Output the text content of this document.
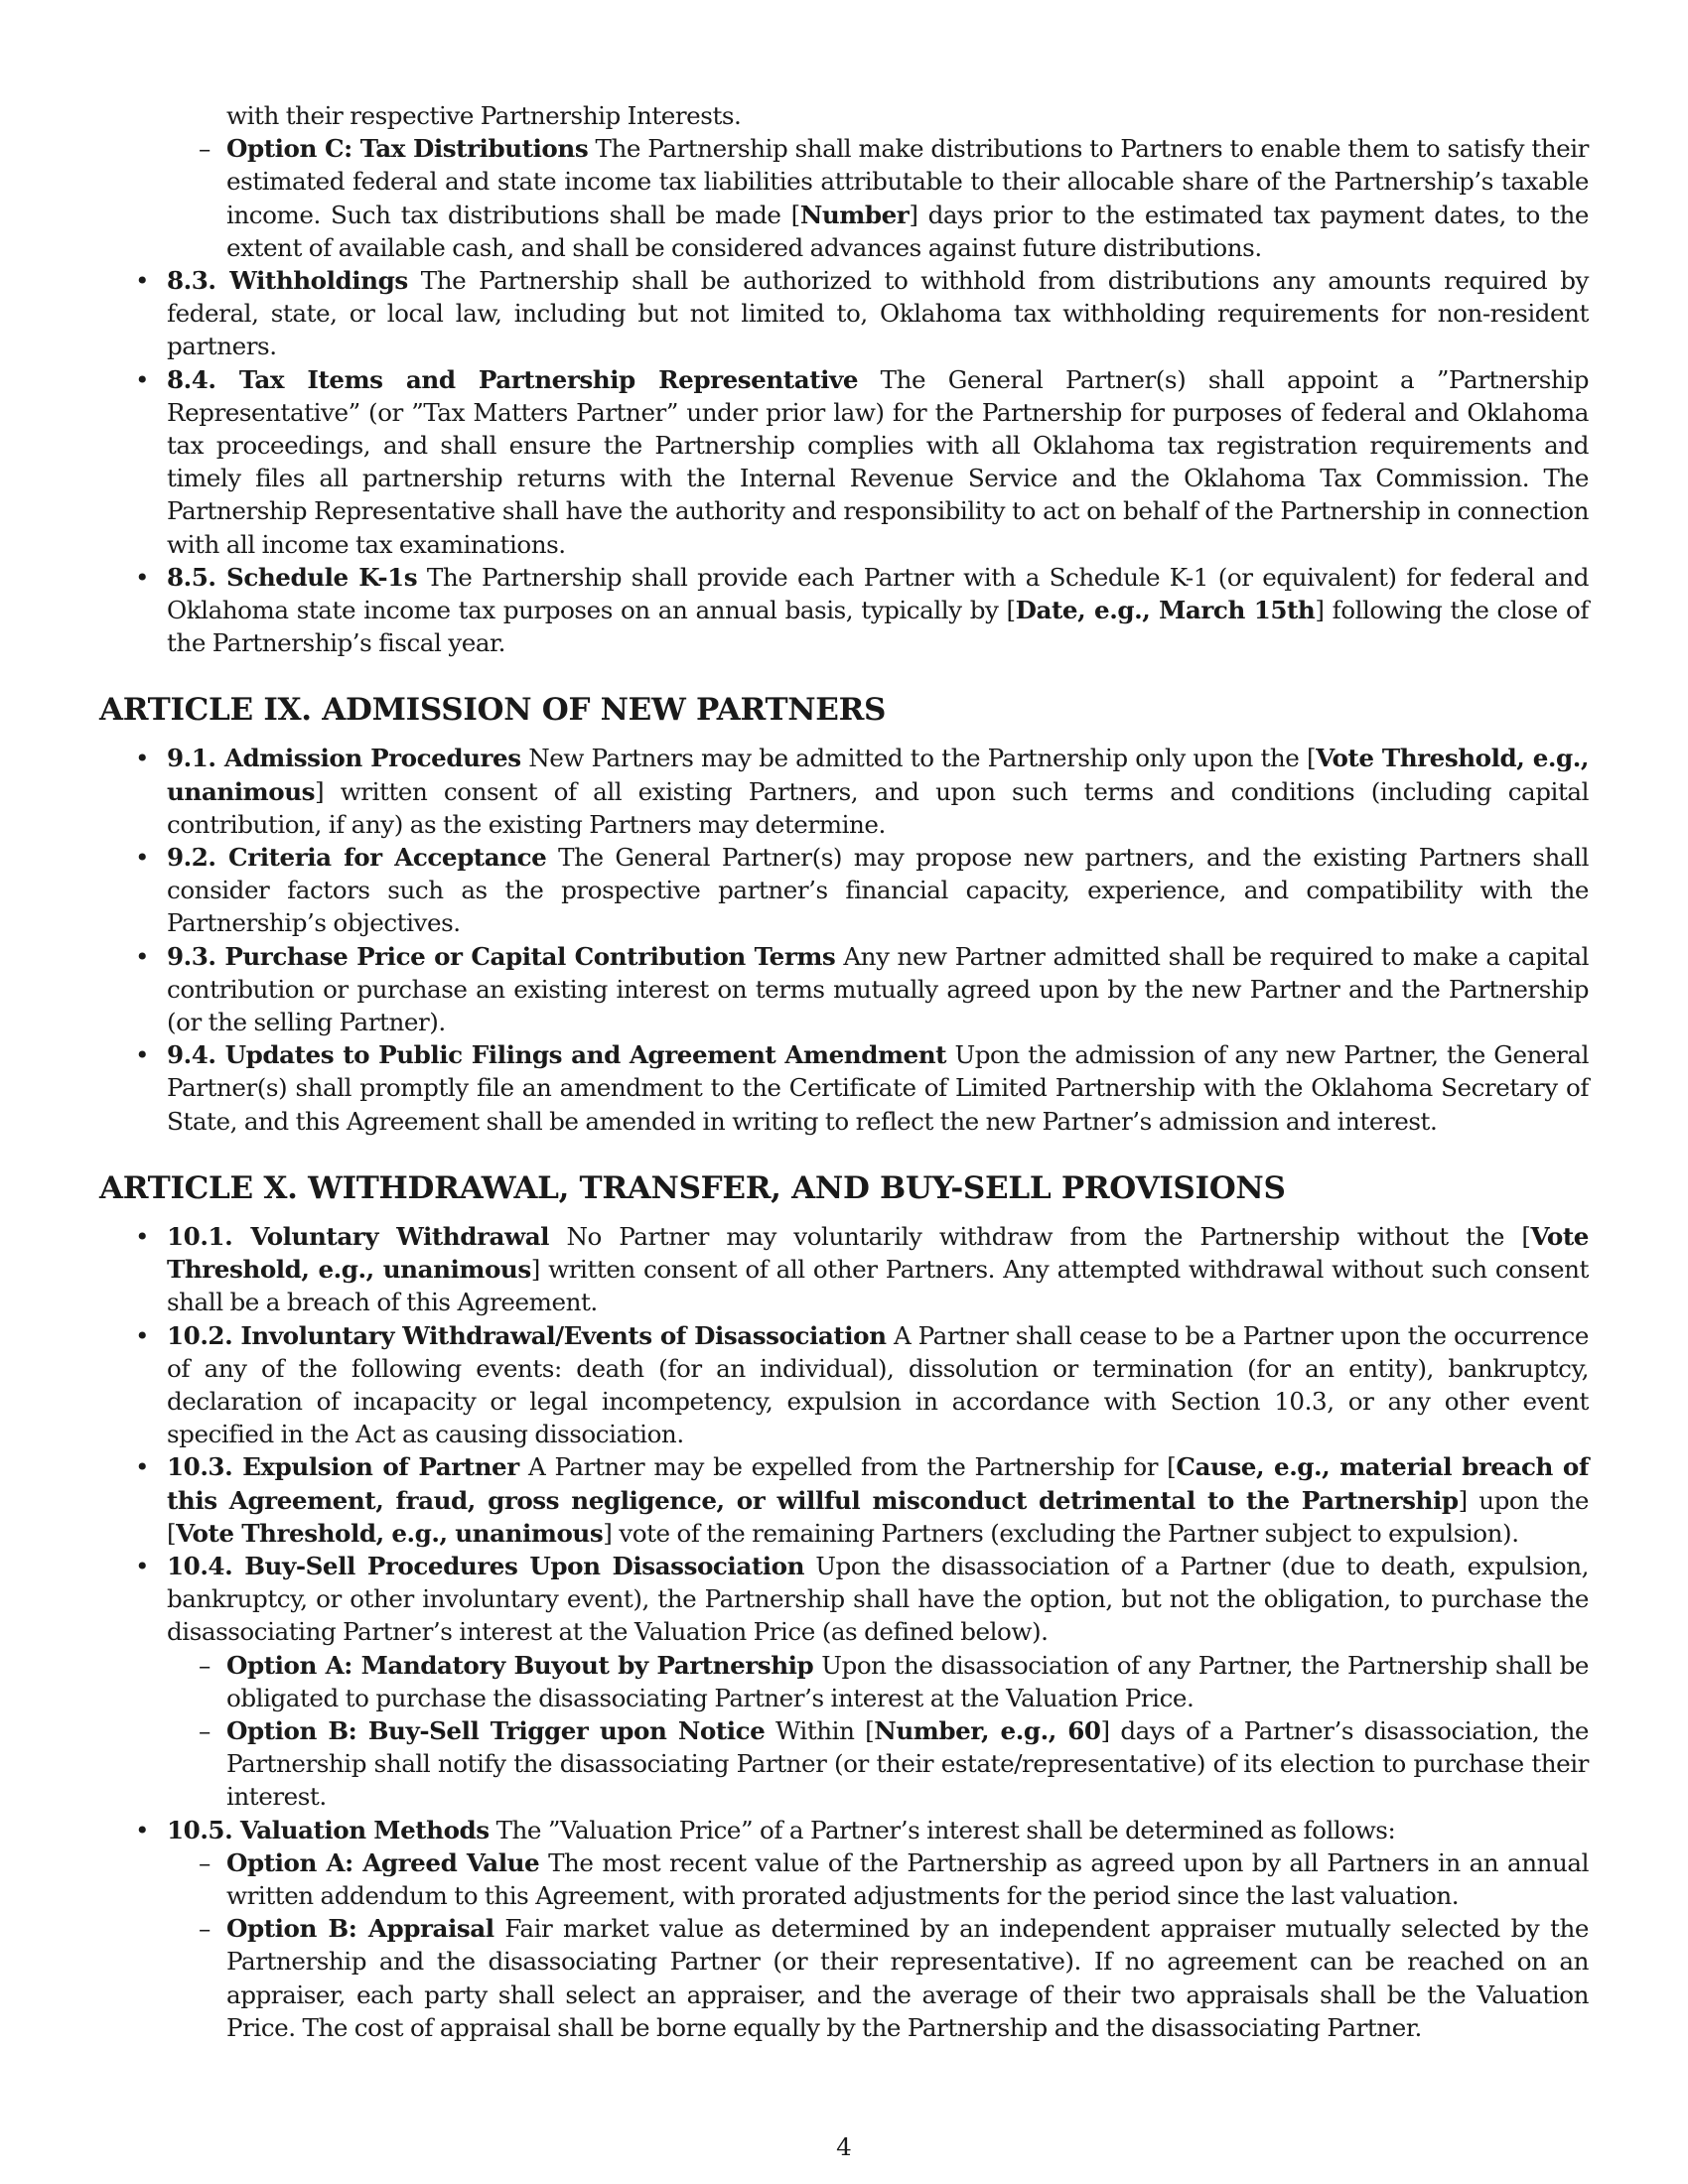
with their respective Partnership Interests.
– Option C: Tax Distributions The Partnership shall make distributions to Partners to enable them to satisfy their estimated federal and state income tax liabilities attributable to their allocable share of the Partnership’s taxable income. Such tax distributions shall be made [Number] days prior to the estimated tax payment dates, to the extent of available cash, and shall be considered advances against future distributions.
• 8.3. Withholdings The Partnership shall be authorized to withhold from distributions any amounts required by federal, state, or local law, including but not limited to, Oklahoma tax withholding requirements for non-resident partners.
• 8.4. Tax Items and Partnership Representative The General Partner(s) shall appoint a ”Partnership Representative” (or ”Tax Matters Partner” under prior law) for the Partnership for purposes of federal and Oklahoma tax proceedings, and shall ensure the Partnership complies with all Oklahoma tax registration requirements and timely files all partnership returns with the Internal Revenue Service and the Oklahoma Tax Commission. The Partnership Representative shall have the authority and responsibility to act on behalf of the Partnership in connection with all income tax examinations.
• 8.5. Schedule K-1s The Partnership shall provide each Partner with a Schedule K-1 (or equivalent) for federal and Oklahoma state income tax purposes on an annual basis, typically by [Date, e.g., March 15th] following the close of the Partnership’s fiscal year.
ARTICLE IX. ADMISSION OF NEW PARTNERS
• 9.1. Admission Procedures New Partners may be admitted to the Partnership only upon the [Vote Threshold, e.g., unanimous] written consent of all existing Partners, and upon such terms and conditions (including capital contribution, if any) as the existing Partners may determine.
• 9.2. Criteria for Acceptance The General Partner(s) may propose new partners, and the existing Partners shall consider factors such as the prospective partner’s financial capacity, experience, and compatibility with the Partnership’s objectives.
• 9.3. Purchase Price or Capital Contribution Terms Any new Partner admitted shall be required to make a capital contribution or purchase an existing interest on terms mutually agreed upon by the new Partner and the Partnership (or the selling Partner).
• 9.4. Updates to Public Filings and Agreement Amendment Upon the admission of any new Partner, the General Partner(s) shall promptly file an amendment to the Certificate of Limited Partnership with the Oklahoma Secretary of State, and this Agreement shall be amended in writing to reflect the new Partner’s admission and interest.
ARTICLE X. WITHDRAWAL, TRANSFER, AND BUY-SELL PROVISIONS
• 10.1. Voluntary Withdrawal No Partner may voluntarily withdraw from the Partnership without the [Vote Threshold, e.g., unanimous] written consent of all other Partners. Any attempted withdrawal without such consent shall be a breach of this Agreement.
• 10.2. Involuntary Withdrawal/Events of Disassociation A Partner shall cease to be a Partner upon the occurrence of any of the following events: death (for an individual), dissolution or termination (for an entity), bankruptcy, declaration of incapacity or legal incompetency, expulsion in accordance with Section 10.3, or any other event specified in the Act as causing dissociation.
• 10.3. Expulsion of Partner A Partner may be expelled from the Partnership for [Cause, e.g., material breach of this Agreement, fraud, gross negligence, or willful misconduct detrimental to the Partnership] upon the [Vote Threshold, e.g., unanimous] vote of the remaining Partners (excluding the Partner subject to expulsion).
• 10.4. Buy-Sell Procedures Upon Disassociation Upon the disassociation of a Partner (due to death, expulsion, bankruptcy, or other involuntary event), the Partnership shall have the option, but not the obligation, to purchase the disassociating Partner’s interest at the Valuation Price (as defined below).
– Option A: Mandatory Buyout by Partnership Upon the disassociation of any Partner, the Partnership shall be obligated to purchase the disassociating Partner’s interest at the Valuation Price.
– Option B: Buy-Sell Trigger upon Notice Within [Number, e.g., 60] days of a Partner’s disassociation, the Partnership shall notify the disassociating Partner (or their estate/representative) of its election to purchase their interest.
• 10.5. Valuation Methods The ”Valuation Price” of a Partner’s interest shall be determined as follows:
– Option A: Agreed Value The most recent value of the Partnership as agreed upon by all Partners in an annual written addendum to this Agreement, with prorated adjustments for the period since the last valuation.
– Option B: Appraisal Fair market value as determined by an independent appraiser mutually selected by the Partnership and the disassociating Partner (or their representative). If no agreement can be reached on an appraiser, each party shall select an appraiser, and the average of their two appraisals shall be the Valuation Price. The cost of appraisal shall be borne equally by the Partnership and the disassociating Partner.
4
